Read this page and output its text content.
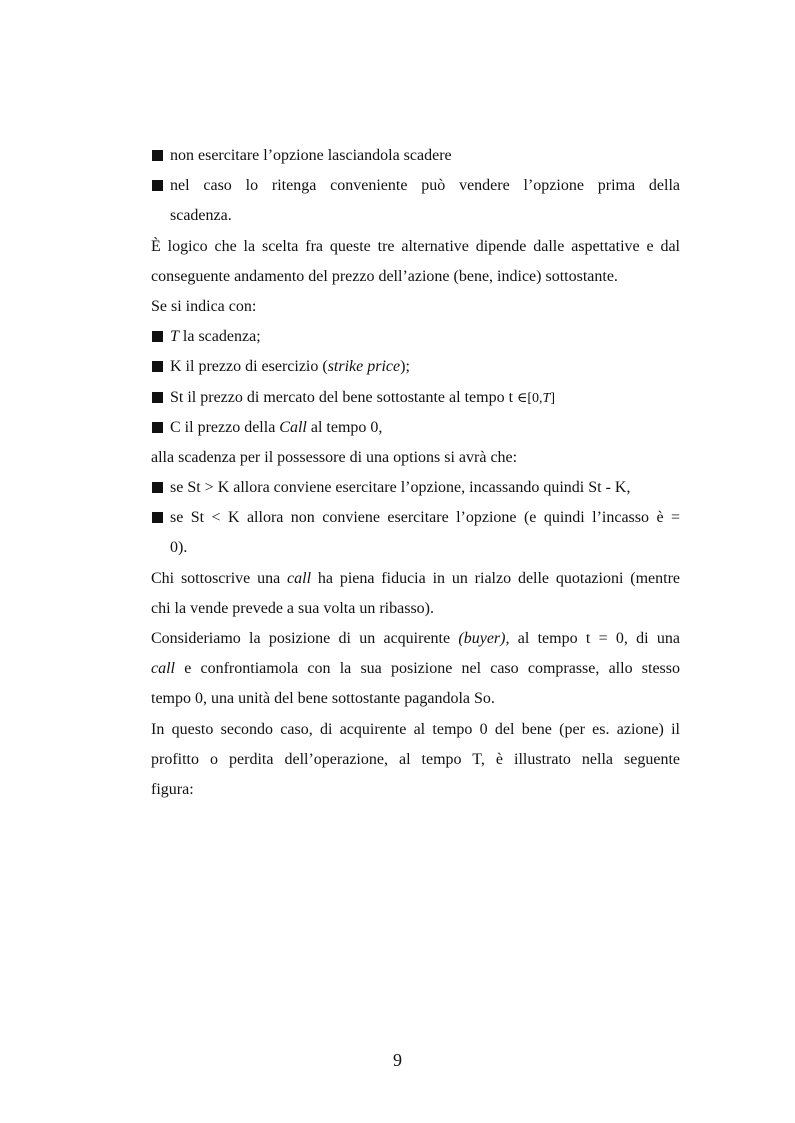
non esercitare l’opzione lasciandola scadere
nel caso lo ritenga conveniente può vendere l’opzione prima della
scadenza.
È logico che la scelta fra queste tre alternative dipende dalle aspettative e dal
conseguente andamento del prezzo dell’azione (bene, indice) sottostante.
Se si indica con:
T la scadenza;
K il prezzo di esercizio (strike price);
St il prezzo di mercato del bene sottostante al tempo t ∈[0,T]
C il prezzo della Call al tempo 0,
alla scadenza per il possessore di una options si avrà che:
se St > K allora conviene esercitare l’opzione, incassando quindi St - K,
se St < K allora non conviene esercitare l’opzione (e quindi l’incasso è =
0).
Chi sottoscrive una call ha piena fiducia in un rialzo delle quotazioni (mentre
chi la vende prevede a sua volta un ribasso).
Consideriamo la posizione di un acquirente (buyer), al tempo t = 0, di una
call e confrontiamola con la sua posizione nel caso comprasse, allo stesso
tempo 0, una unità del bene sottostante pagandola So.
In questo secondo caso, di acquirente al tempo 0 del bene (per es. azione) il
profitto o perdita dell’operazione, al tempo T, è illustrato nella seguente
figura:
9
